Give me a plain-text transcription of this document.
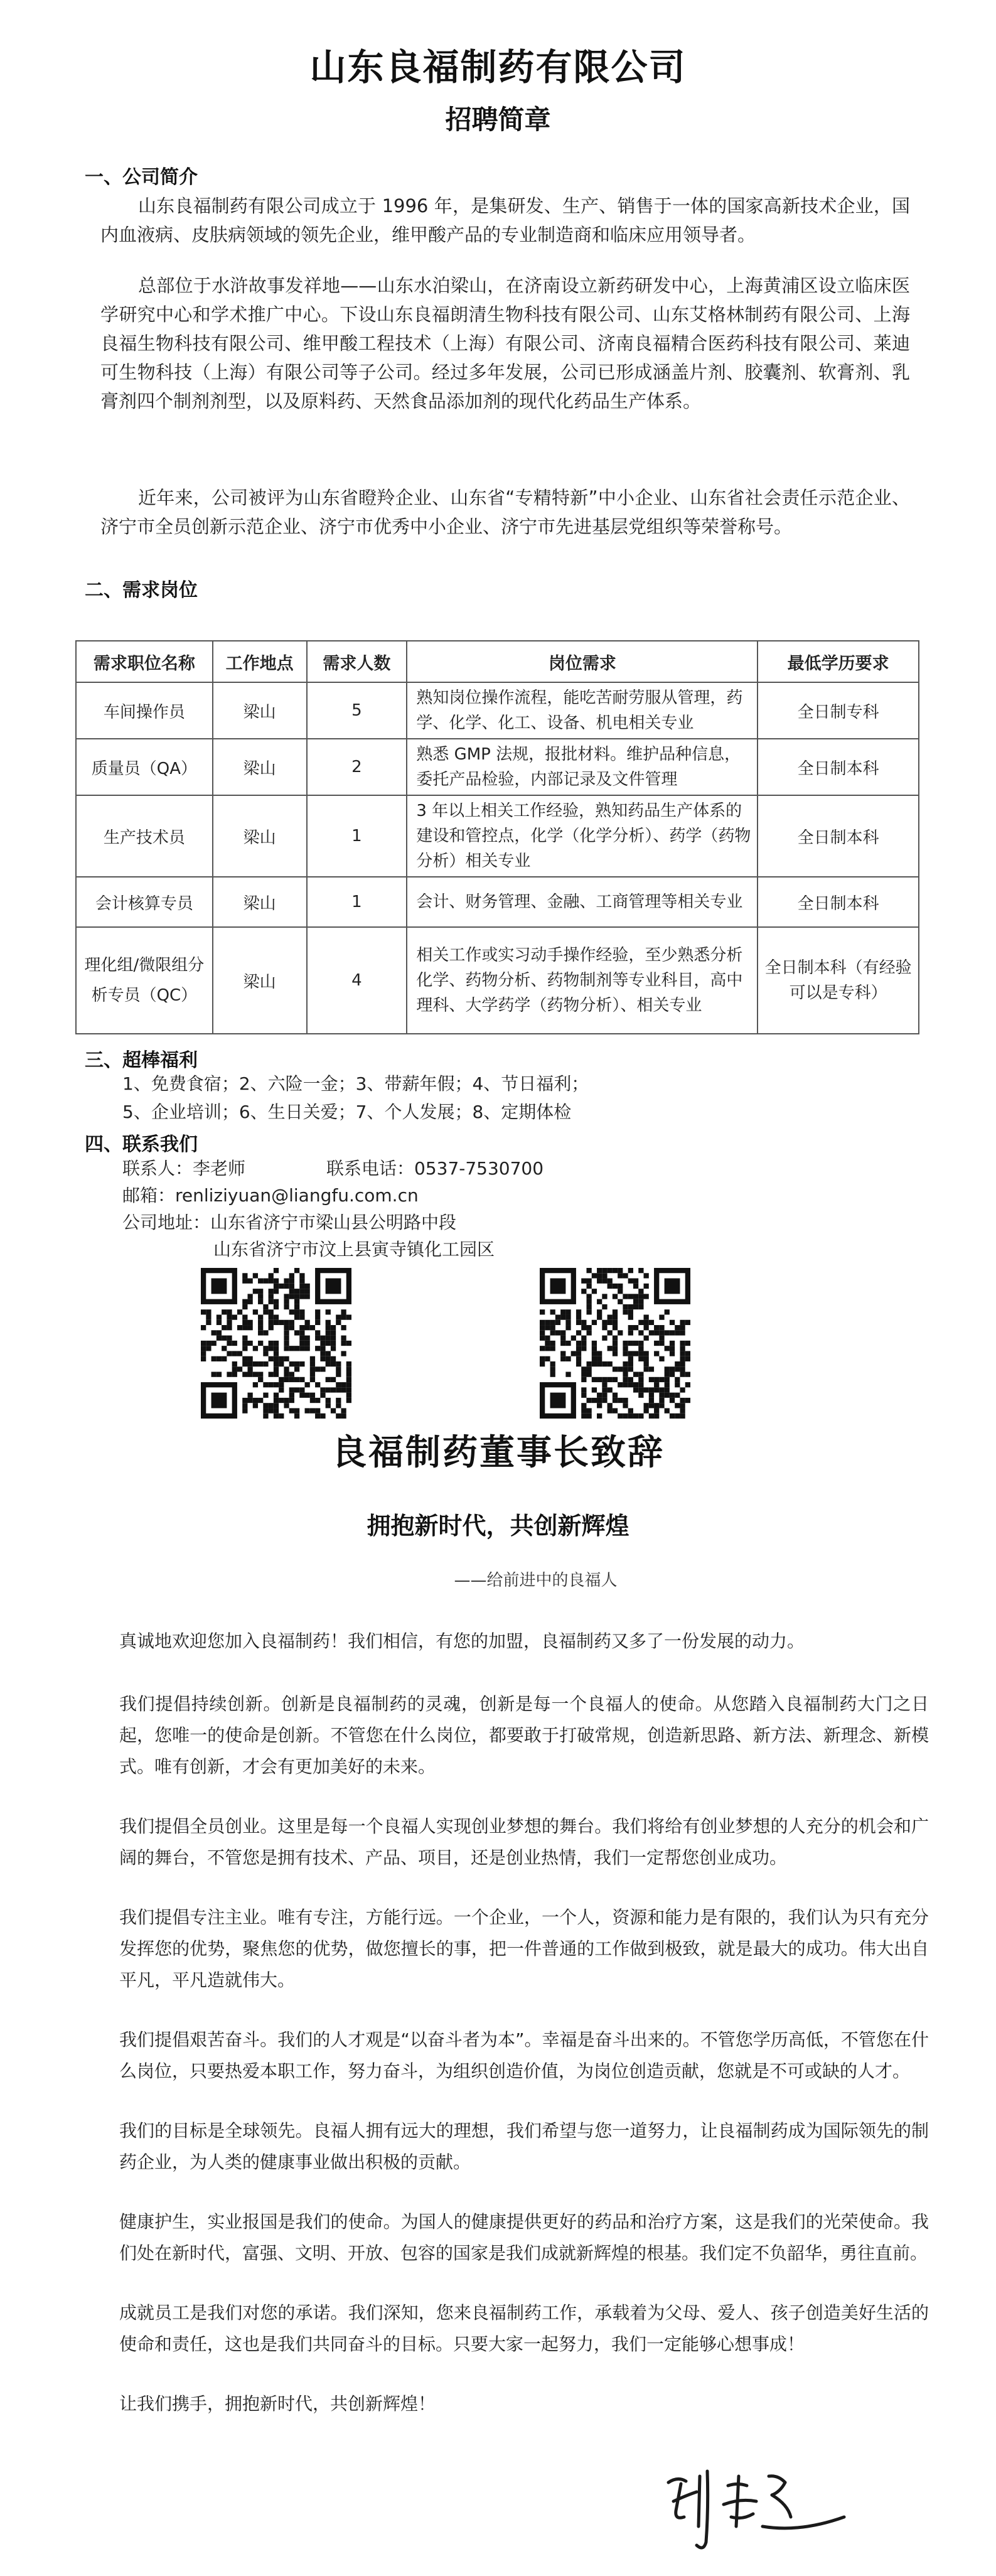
山东良福制药有限公司
招聘简章
一、公司简介

山东良福制药有限公司成立于 1996 年，是集研发、生产、销售于一体的国家高新技术企业，国内血液病、皮肤病领域的领先企业，维甲酸产品的专业制造商和临床应用领导者。

总部位于水浒故事发祥地——山东水泊梁山，在济南设立新药研发中心，上海黄浦区设立临床医学研究中心和学术推广中心。下设山东良福朗清生物科技有限公司、山东艾格林制药有限公司、上海良福生物科技有限公司、维甲酸工程技术（上海）有限公司、济南良福精合医药科技有限公司、莱迪可生物科技（上海）有限公司等子公司。经过多年发展，公司已形成涵盖片剂、胶囊剂、软膏剂、乳膏剂四个制剂剂型，以及原料药、天然食品添加剂的现代化药品生产体系。

近年来，公司被评为山东省瞪羚企业、山东省“专精特新”中小企业、山东省社会责任示范企业、济宁市全员创新示范企业、济宁市优秀中小企业、济宁市先进基层党组织等荣誉称号。

二、需求岗位
需求职位名称	工作地点	需求人数	岗位需求	最低学历要求
车间操作员	梁山	5	熟知岗位操作流程，能吃苦耐劳服从管理，药学、化学、化工、设备、机电相关专业	全日制专科
质量员（QA）	梁山	2	熟悉 GMP 法规，报批材料。维护品种信息，委托产品检验，内部记录及文件管理	全日制本科
生产技术员	梁山	1	3 年以上相关工作经验，熟知药品生产体系的建设和管控点，化学（化学分析）、药学（药物分析）相关专业	全日制本科
会计核算专员	梁山	1	会计、财务管理、金融、工商管理等相关专业	全日制本科
理化组/微限组分析专员（QC）	梁山	4	相关工作或实习动手操作经验，至少熟悉分析化学、药物分析、药物制剂等专业科目，高中理科、大学药学（药物分析）、相关专业	全日制本科（有经验可以是专科）
三、超棒福利
1、免费食宿；2、六险一金；3、带薪年假；4、节日福利；
5、企业培训；6、生日关爱；7、个人发展；8、定期体检
四、联系我们
联系人：李老师	联系电话：0537-7530700
邮箱：renliziyuan@liangfu.com.cn
公司地址：山东省济宁市梁山县公明路中段
山东省济宁市汶上县寅寺镇化工园区
良福制药董事长致辞
拥抱新时代，共创新辉煌
——给前进中的良福人

真诚地欢迎您加入良福制药！我们相信，有您的加盟，良福制药又多了一份发展的动力。

我们提倡持续创新。创新是良福制药的灵魂，创新是每一个良福人的使命。从您踏入良福制药大门之日起，您唯一的使命是创新。不管您在什么岗位，都要敢于打破常规，创造新思路、新方法、新理念、新模式。唯有创新，才会有更加美好的未来。

我们提倡全员创业。这里是每一个良福人实现创业梦想的舞台。我们将给有创业梦想的人充分的机会和广阔的舞台，不管您是拥有技术、产品、项目，还是创业热情，我们一定帮您创业成功。

我们提倡专注主业。唯有专注，方能行远。一个企业，一个人，资源和能力是有限的，我们认为只有充分发挥您的优势，聚焦您的优势，做您擅长的事，把一件普通的工作做到极致，就是最大的成功。伟大出自平凡，平凡造就伟大。

我们提倡艰苦奋斗。我们的人才观是“以奋斗者为本”。幸福是奋斗出来的。不管您学历高低，不管您在什么岗位，只要热爱本职工作，努力奋斗，为组织创造价值，为岗位创造贡献，您就是不可或缺的人才。

我们的目标是全球领先。良福人拥有远大的理想，我们希望与您一道努力，让良福制药成为国际领先的制药企业，为人类的健康事业做出积极的贡献。

健康护生，实业报国是我们的使命。为国人的健康提供更好的药品和治疗方案，这是我们的光荣使命。我们处在新时代，富强、文明、开放、包容的国家是我们成就新辉煌的根基。我们定不负韶华，勇往直前。

成就员工是我们对您的承诺。我们深知，您来良福制药工作，承载着为父母、爱人、孩子创造美好生活的使命和责任，这也是我们共同奋斗的目标。只要大家一起努力，我们一定能够心想事成！

让我们携手，拥抱新时代，共创新辉煌！
